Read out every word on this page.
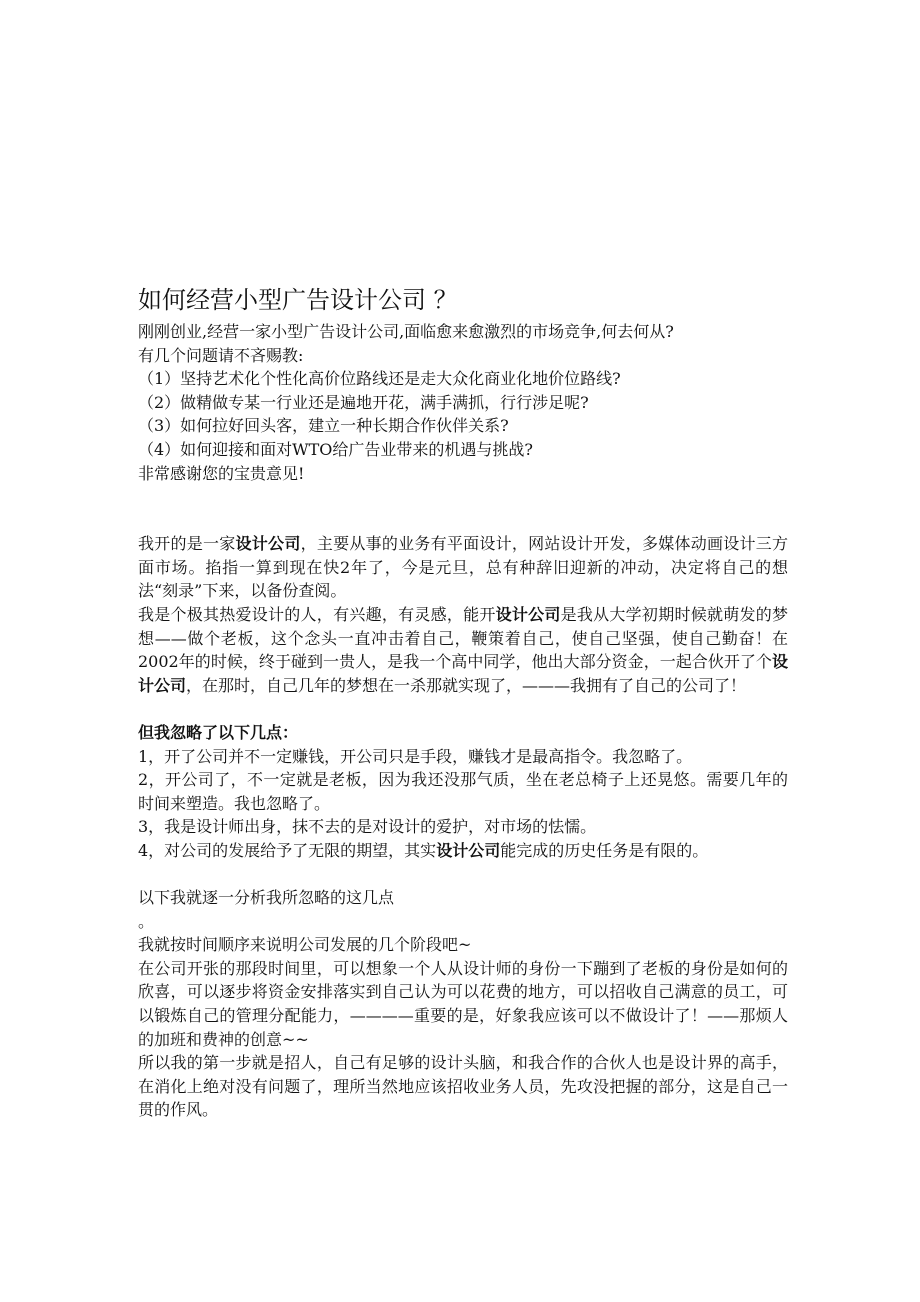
如何经营小型广告设计公司 ？

刚刚创业,经营一家小型广告设计公司,面临愈来愈激烈的市场竞争,何去何从?

有几个问题请不吝赐教:

（1）坚持艺术化个性化高价位路线还是走大众化商业化地价位路线?

（2）做精做专某一行业还是遍地开花，满手满抓，行行涉足呢?

（3）如何拉好回头客，建立一种长期合作伙伴关系?

（4）如何迎接和面对WTO给广告业带来的机遇与挑战?

非常感谢您的宝贵意见!

我开的是一家设计公司，主要从事的业务有平面设计，网站设计开发，多媒体动画设计三方面市场。掐指一算到现在快2年了，今是元旦，总有种辞旧迎新的冲动，决定将自己的想法“刻录”下来，以备份查阅。

我是个极其热爱设计的人，有兴趣，有灵感，能开设计公司是我从大学初期时候就萌发的梦想——做个老板，这个念头一直冲击着自己，鞭策着自己，使自己坚强，使自己勤奋！在2002年的时候，终于碰到一贵人，是我一个高中同学，他出大部分资金，一起合伙开了个设计公司，在那时，自己几年的梦想在一杀那就实现了，———我拥有了自己的公司了！

但我忽略了以下几点：

1，开了公司并不一定赚钱，开公司只是手段，赚钱才是最高指令。我忽略了。

2，开公司了，不一定就是老板，因为我还没那气质，坐在老总椅子上还晃悠。需要几年的时间来塑造。我也忽略了。

3，我是设计师出身，抹不去的是对设计的爱护，对市场的怯懦。

4，对公司的发展给予了无限的期望，其实设计公司能完成的历史任务是有限的。

以下我就逐一分析我所忽略的这几点

。

我就按时间顺序来说明公司发展的几个阶段吧~

在公司开张的那段时间里，可以想象一个人从设计师的身份一下蹦到了老板的身份是如何的欣喜，可以逐步将资金安排落实到自己认为可以花费的地方，可以招收自己满意的员工，可以锻炼自己的管理分配能力，————重要的是，好象我应该可以不做设计了！——那烦人的加班和费神的创意~~

所以我的第一步就是招人，自己有足够的设计头脑，和我合作的合伙人也是设计界的高手，在消化上绝对没有问题了，理所当然地应该招收业务人员，先攻没把握的部分，这是自己一贯的作风。
